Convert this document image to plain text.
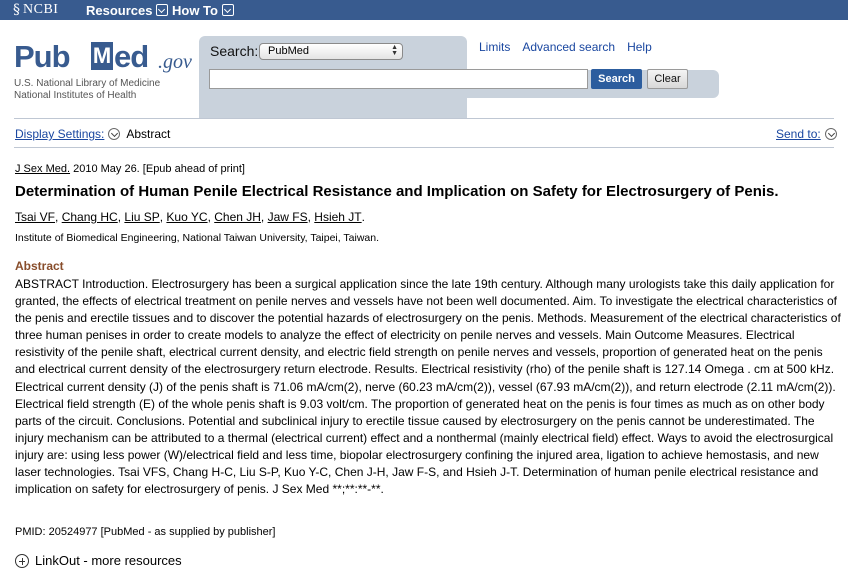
§ NCBI Resources How To
Pub M ed .gov
U.S. National Library of Medicine
National Institutes of Health
Search: PubMed	▲
▼
Search	Clear
Limits Advanced search Help
Display Settings: Abstract	Send to:
J Sex Med. 2010 May 26. [Epub ahead of print]
Determination of Human Penile Electrical Resistance and Implication on Safety for Electrosurgery of Penis.
Tsai VF , Chang HC , Liu SP , Kuo YC , Chen JH , Jaw FS , Hsieh JT .
Institute of Biomedical Engineering, National Taiwan University, Taipei, Taiwan.
Abstract
ABSTRACT Introduction. Electrosurgery has been a surgical application since the late 19th century. Although many urologists take this daily application for granted, the effects of electrical treatment on penile nerves and vessels have not been well documented. Aim. To investigate the electrical characteristics of the penis and erectile tissues and to discover the potential hazards of electrosurgery on the penis. Methods. Measurement of the electrical characteristics of three human penises in order to create models to analyze the effect of electricity on penile nerves and vessels. Main Outcome Measures. Electrical resistivity of the penile shaft, electrical current density, and electric field strength on penile nerves and vessels, proportion of generated heat on the penis and electrical current density of the electrosurgery return electrode. Results. Electrical resistivity (rho) of the penile shaft is 127.14 Omega . cm at 500 kHz. Electrical current density (J) of the penis shaft is 71.06 mA/cm(2), nerve (60.23 mA/cm(2)), vessel (67.93 mA/cm(2)), and return electrode (2.11 mA/cm(2)). Electrical field strength (E) of the whole penis shaft is 9.03 volt/cm. The proportion of generated heat on the penis is four times as much as on other body parts of the circuit. Conclusions. Potential and subclinical injury to erectile tissue caused by electrosurgery on the penis cannot be underestimated. The injury mechanism can be attributed to a thermal (electrical current) effect and a nonthermal (mainly electrical field) effect. Ways to avoid the electrosurgical injury are: using less power (W)/electrical field and less time, biopolar electrosurgery confining the injured area, ligation to achieve hemostasis, and new laser technologies. Tsai VFS, Chang H-C, Liu S-P, Kuo Y-C, Chen J-H, Jaw F-S, and Hsieh J-T. Determination of human penile electrical resistance and implication on safety for electrosurgery of penis. J Sex Med **;**:**-**.
PMID: 20524977 [PubMed - as supplied by publisher]
LinkOut - more resources
